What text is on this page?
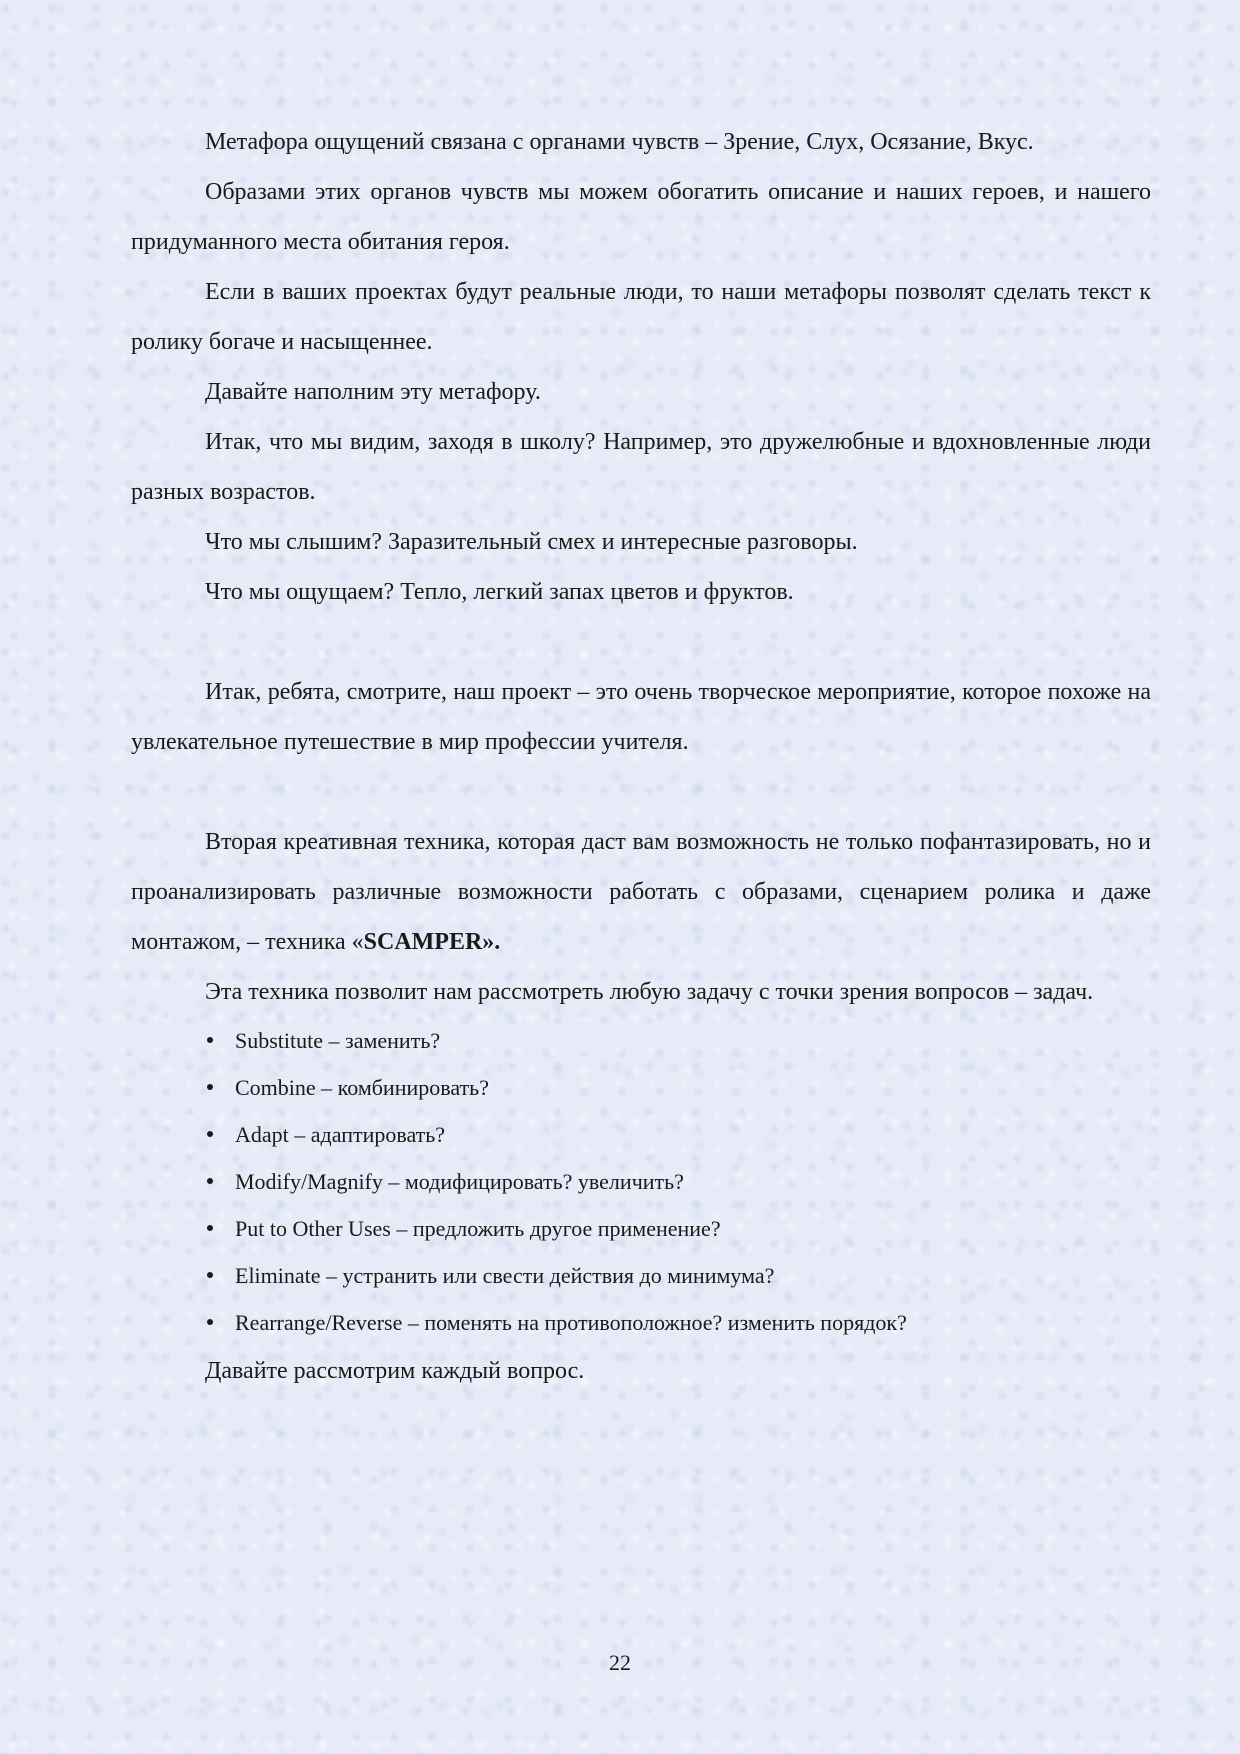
Метафора ощущений связана с органами чувств – Зрение, Слух, Осязание, Вкус.

Образами этих органов чувств мы можем обогатить описание и наших героев, и нашего придуманного места обитания героя.

Если в ваших проектах будут реальные люди, то наши метафоры позволят сделать текст к ролику богаче и насыщеннее.

Давайте наполним эту метафору.

Итак, что мы видим, заходя в школу? Например, это дружелюбные и вдохновленные люди разных возрастов.

Что мы слышим? Заразительный смех и интересные разговоры.

Что мы ощущаем? Тепло, легкий запах цветов и фруктов.

Итак, ребята, смотрите, наш проект – это очень творческое мероприятие, которое похоже на увлекательное путешествие в мир профессии учителя.

Вторая креативная техника, которая даст вам возможность не только пофантазировать, но и проанализировать различные возможности работать с образами, сценарием ролика и даже монтажом, – техника «SCAMPER».

Эта техника позволит нам рассмотреть любую задачу с точки зрения вопросов – задач.

Substitute – заменить?
Combine – комбинировать?
Adapt – адаптировать?
Modify/Magnify – модифицировать? увеличить?
Put to Other Uses – предложить другое применение?
Eliminate – устранить или свести действия до минимума?
Rearrange/Reverse – поменять на противоположное? изменить порядок?

Давайте рассмотрим каждый вопрос.

22
